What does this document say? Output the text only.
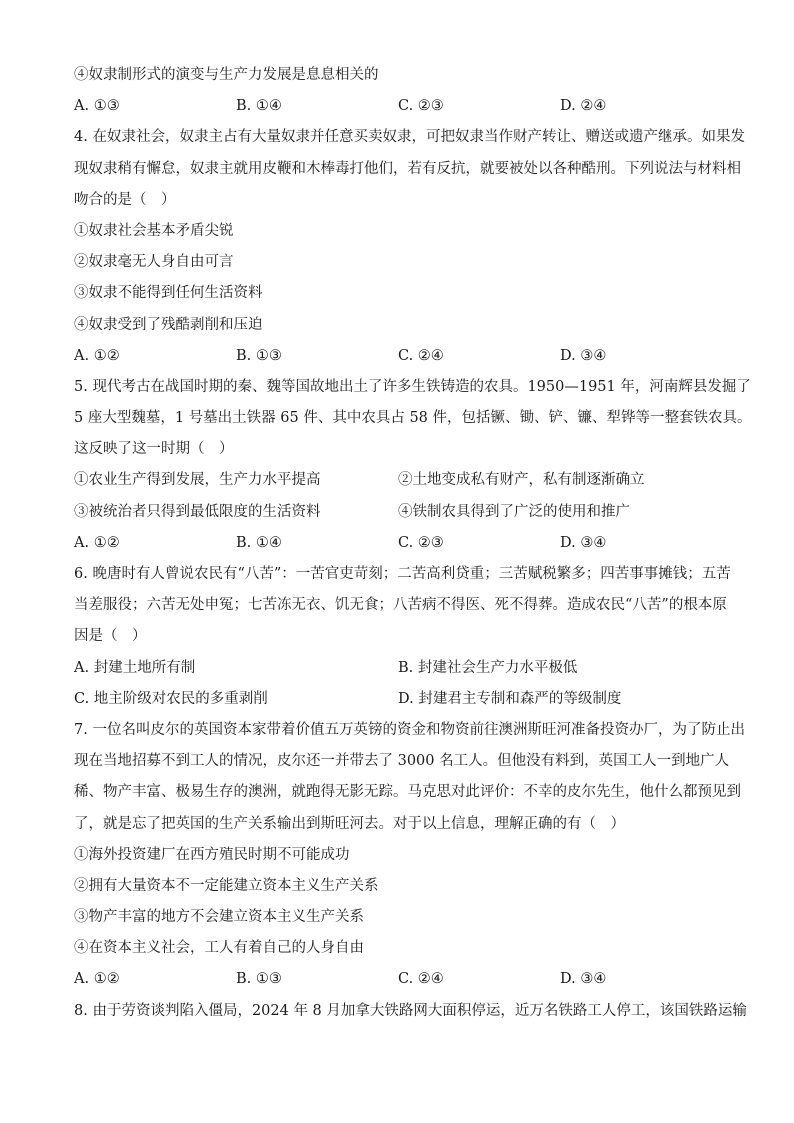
④奴隶制形式的演变与生产力发展是息息相关的
A. ①③	B. ①④	C. ②③	D. ②④
4. 在奴隶社会，奴隶主占有大量奴隶并任意买卖奴隶，可把奴隶当作财产转让、赠送或遗产继承。如果发
现奴隶稍有懈怠，奴隶主就用皮鞭和木棒毒打他们，若有反抗，就要被处以各种酷刑。下列说法与材料相
吻合的是（　）
①奴隶社会基本矛盾尖锐
②奴隶毫无人身自由可言
③奴隶不能得到任何生活资料
④奴隶受到了残酷剥削和压迫
A. ①②	B. ①③	C. ②④	D. ③④
5. 现代考古在战国时期的秦、魏等国故地出土了许多生铁铸造的农具。1950—1951 年，河南辉县发掘了
5 座大型魏墓，1 号墓出土铁器 65 件、其中农具占 58 件，包括镢、锄、铲、镰、犁铧等一整套铁农具。
这反映了这一时期（　）
①农业生产得到发展，生产力水平提高	②土地变成私有财产，私有制逐渐确立
③被统治者只得到最低限度的生活资料	④铁制农具得到了广泛的使用和推广
A. ①②	B. ①④	C. ②③	D. ③④
6. 晚唐时有人曾说农民有“八苦”：一苦官吏苛刻；二苦高利贷重；三苦赋税繁多；四苦事事摊钱；五苦
当差服役；六苦无处申冤；七苦冻无衣、饥无食；八苦病不得医、死不得葬。造成农民“八苦”的根本原
因是（　）
A. 封建土地所有制	B. 封建社会生产力水平极低
C. 地主阶级对农民的多重剥削	D. 封建君主专制和森严的等级制度
7. 一位名叫皮尔的英国资本家带着价值五万英镑的资金和物资前往澳洲斯旺河准备投资办厂，为了防止出
现在当地招募不到工人的情况，皮尔还一并带去了 3000 名工人。但他没有料到，英国工人一到地广人
稀、物产丰富、极易生存的澳洲，就跑得无影无踪。马克思对此评价：不幸的皮尔先生，他什么都预见到
了，就是忘了把英国的生产关系输出到斯旺河去。对于以上信息，理解正确的有（　）
①海外投资建厂在西方殖民时期不可能成功
②拥有大量资本不一定能建立资本主义生产关系
③物产丰富的地方不会建立资本主义生产关系
④在资本主义社会，工人有着自己的人身自由
A. ①②	B. ①③	C. ②④	D. ③④
8. 由于劳资谈判陷入僵局，2024 年 8 月加拿大铁路网大面积停运，近万名铁路工人停工，该国铁路运输
